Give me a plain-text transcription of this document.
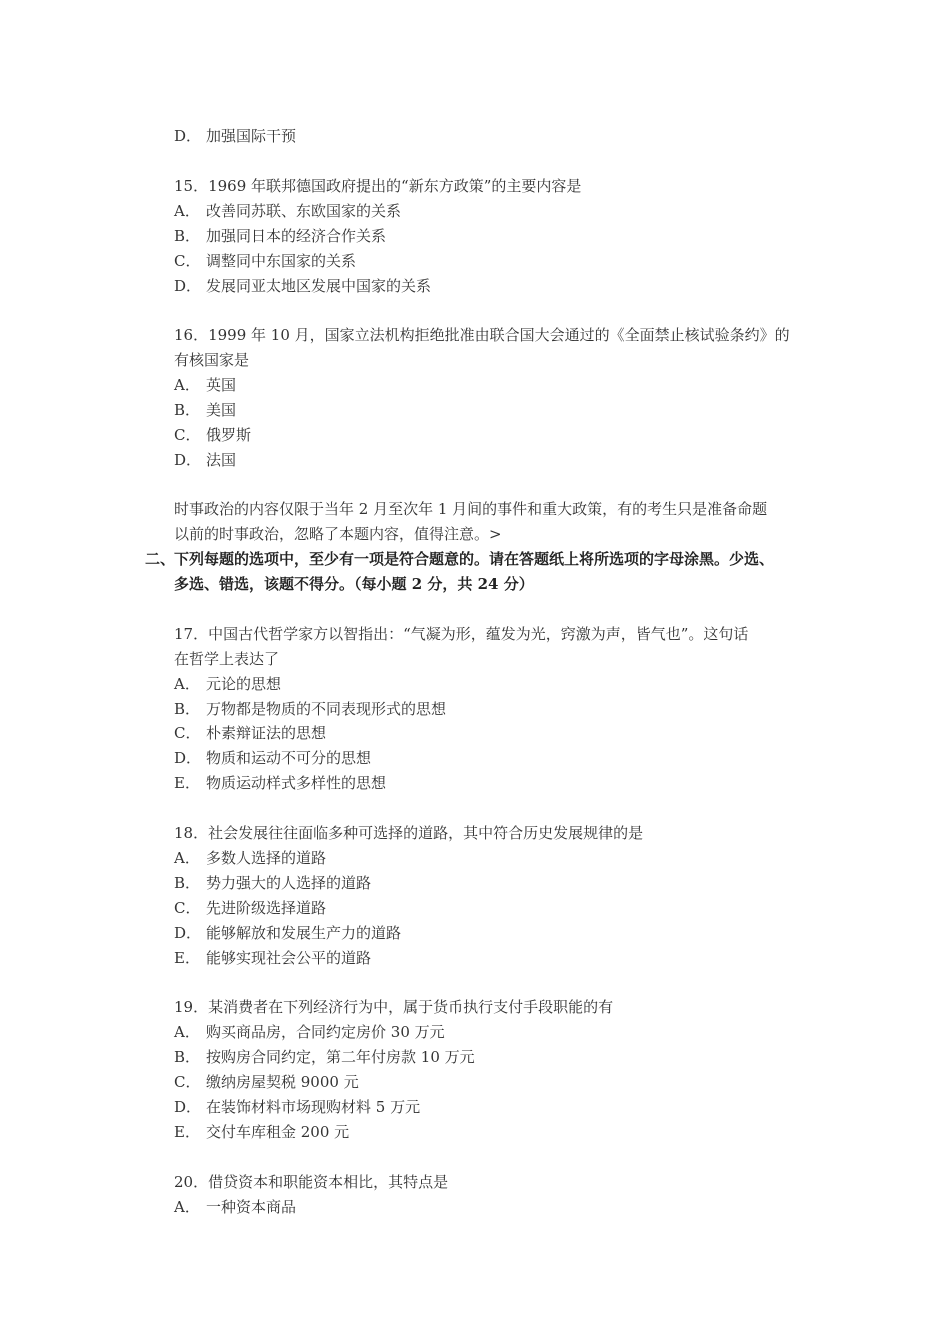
D． 加强国际干预
15．1969 年联邦德国政府提出的“新东方政策”的主要内容是
A． 改善同苏联、东欧国家的关系
B． 加强同日本的经济合作关系
C． 调整同中东国家的关系
D． 发展同亚太地区发展中国家的关系
16．1999 年 10 月，国家立法机构拒绝批准由联合国大会通过的《全面禁止核试验条约》的
有核国家是
A． 英国
B． 美国
C． 俄罗斯
D． 法国
时事政治的内容仅限于当年 2 月至次年 1 月间的事件和重大政策，有的考生只是准备命题
以前的时事政治，忽略了本题内容，值得注意。>
二、下列每题的选项中，至少有一项是符合题意的。请在答题纸上将所选项的字母涂黑。少选、
多选、错选，该题不得分。（每小题 2 分，共 24 分）
17．中国古代哲学家方以智指出：“气凝为形，蕴发为光，窍激为声，皆气也”。这句话
在哲学上表达了
A． 元论的思想
B． 万物都是物质的不同表现形式的思想
C． 朴素辩证法的思想
D． 物质和运动不可分的思想
E． 物质运动样式多样性的思想
18．社会发展往往面临多种可选择的道路，其中符合历史发展规律的是
A． 多数人选择的道路
B． 势力强大的人选择的道路
C． 先进阶级选择道路
D． 能够解放和发展生产力的道路
E． 能够实现社会公平的道路
19．某消费者在下列经济行为中，属于货币执行支付手段职能的有
A． 购买商品房，合同约定房价 30 万元
B． 按购房合同约定，第二年付房款 10 万元
C． 缴纳房屋契税 9000 元
D． 在装饰材料市场现购材料 5 万元
E． 交付车库租金 200 元
20．借贷资本和职能资本相比，其特点是
A． 一种资本商品
